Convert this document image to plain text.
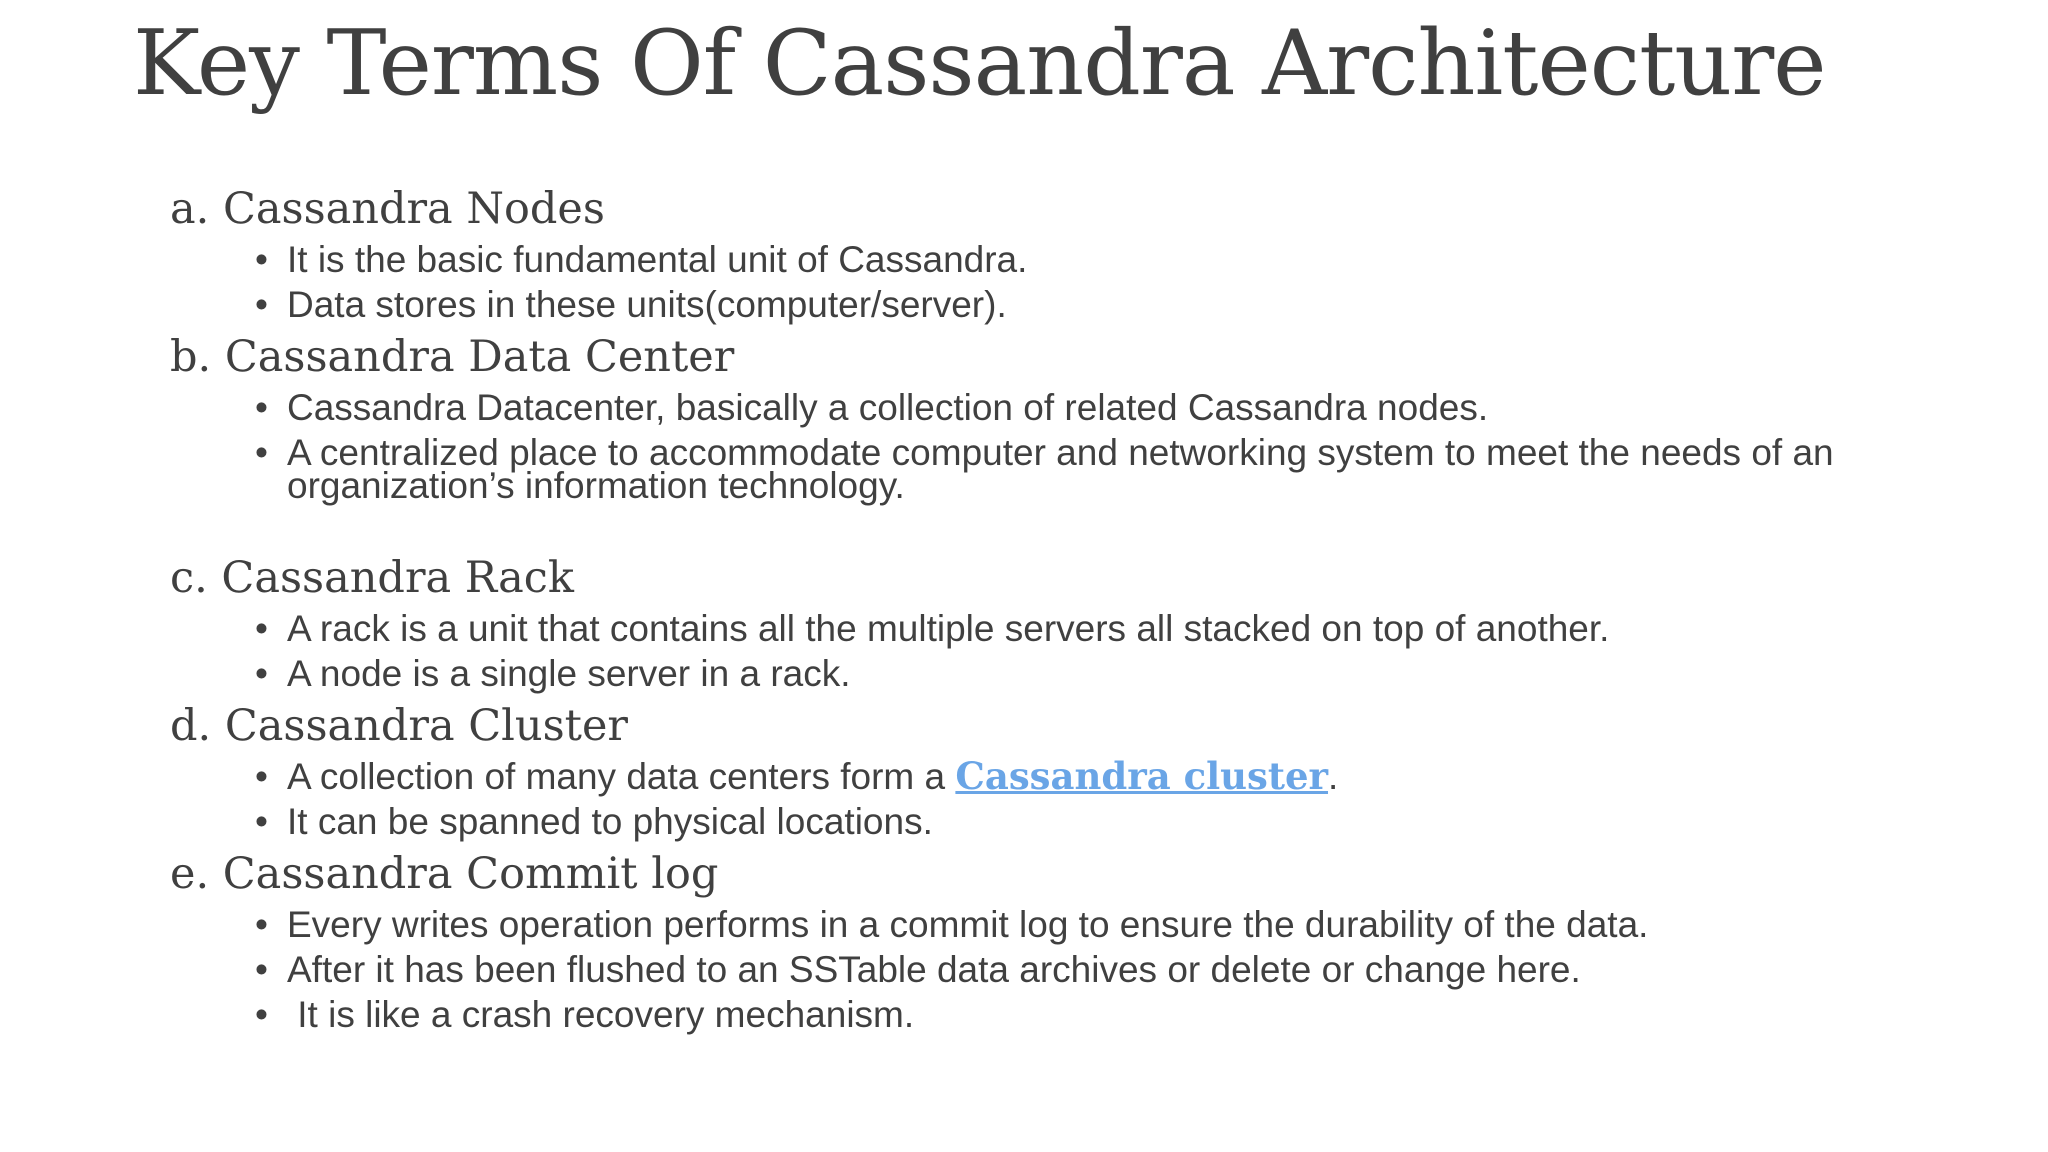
Key Terms Of Cassandra Architecture
a. Cassandra Nodes
• It is the basic fundamental unit of Cassandra.
• Data stores in these units(computer/server).
b. Cassandra Data Center
• Cassandra Datacenter, basically a collection of related Cassandra nodes.
• A centralized place to accommodate computer and networking system to meet the needs of an organization’s information technology.
c. Cassandra Rack
• A rack is a unit that contains all the multiple servers all stacked on top of another.
• A node is a single server in a rack.
d. Cassandra Cluster
• A collection of many data centers form a Cassandra cluster.
• It can be spanned to physical locations.
e. Cassandra Commit log
• Every writes operation performs in a commit log to ensure the durability of the data.
• After it has been flushed to an SSTable data archives or delete or change here.
•  It is like a crash recovery mechanism.
